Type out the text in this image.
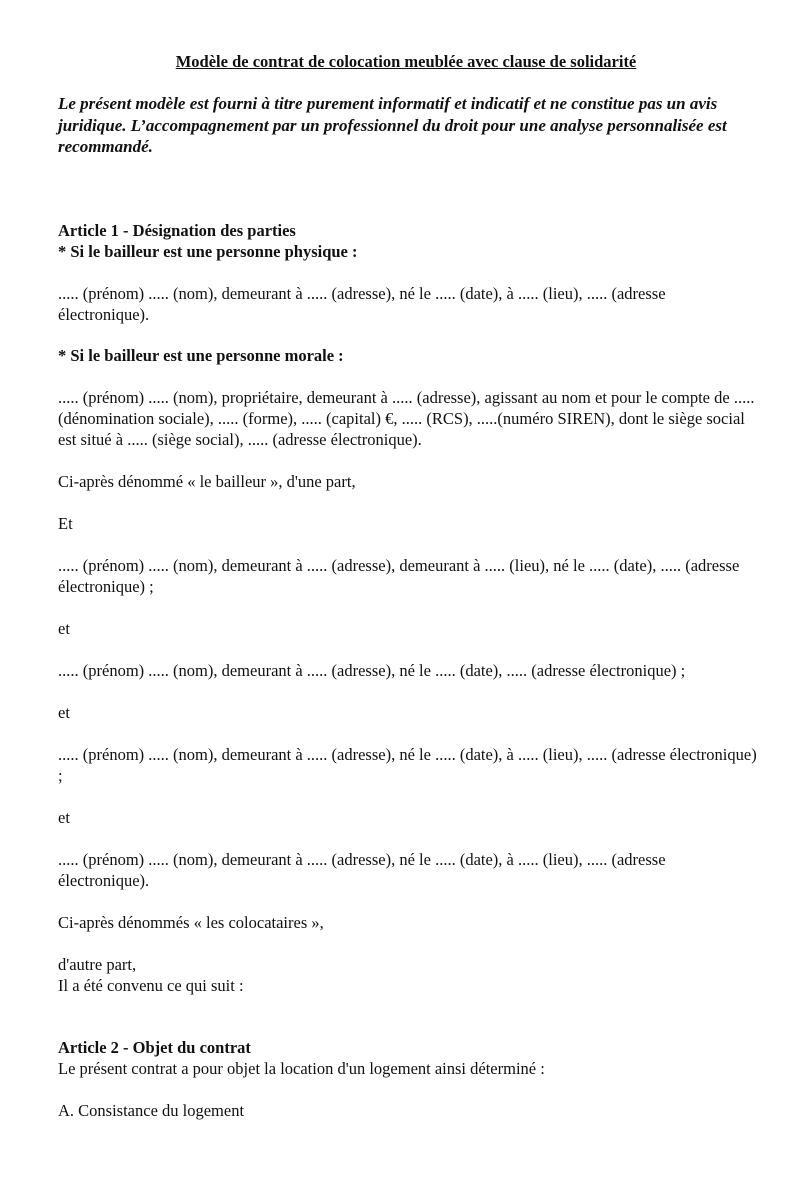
Modèle de contrat de colocation meublée avec clause de solidarité

Le présent modèle est fourni à titre purement informatif et indicatif et ne constitue pas un avis juridique. L’accompagnement par un professionnel du droit pour une analyse personnalisée est recommandé.

Article 1 - Désignation des parties

* Si le bailleur est une personne physique :

..... (prénom) ..... (nom), demeurant à ..... (adresse), né le ..... (date), à ..... (lieu), ..... (adresse électronique).

* Si le bailleur est une personne morale :

..... (prénom) ..... (nom), propriétaire, demeurant à ..... (adresse), agissant au nom et pour le compte de ..... (dénomination sociale), ..... (forme), ..... (capital) €, ..... (RCS), .....(numéro SIREN), dont le siège social est situé à ..... (siège social), ..... (adresse électronique).

Ci-après dénommé « le bailleur », d'une part,

Et

..... (prénom) ..... (nom), demeurant à ..... (adresse), demeurant à ..... (lieu), né le ..... (date), ..... (adresse électronique) ;

et

..... (prénom) ..... (nom), demeurant à ..... (adresse), né le ..... (date), ..... (adresse électronique) ;

et

..... (prénom) ..... (nom), demeurant à ..... (adresse), né le ..... (date), à ..... (lieu), ..... (adresse électronique) ;

et

..... (prénom) ..... (nom), demeurant à ..... (adresse), né le ..... (date), à ..... (lieu), ..... (adresse électronique).

Ci-après dénommés « les colocataires »,

d'autre part,

Il a été convenu ce qui suit :

Article 2 - Objet du contrat

Le présent contrat a pour objet la location d'un logement ainsi déterminé :

A. Consistance du logement
